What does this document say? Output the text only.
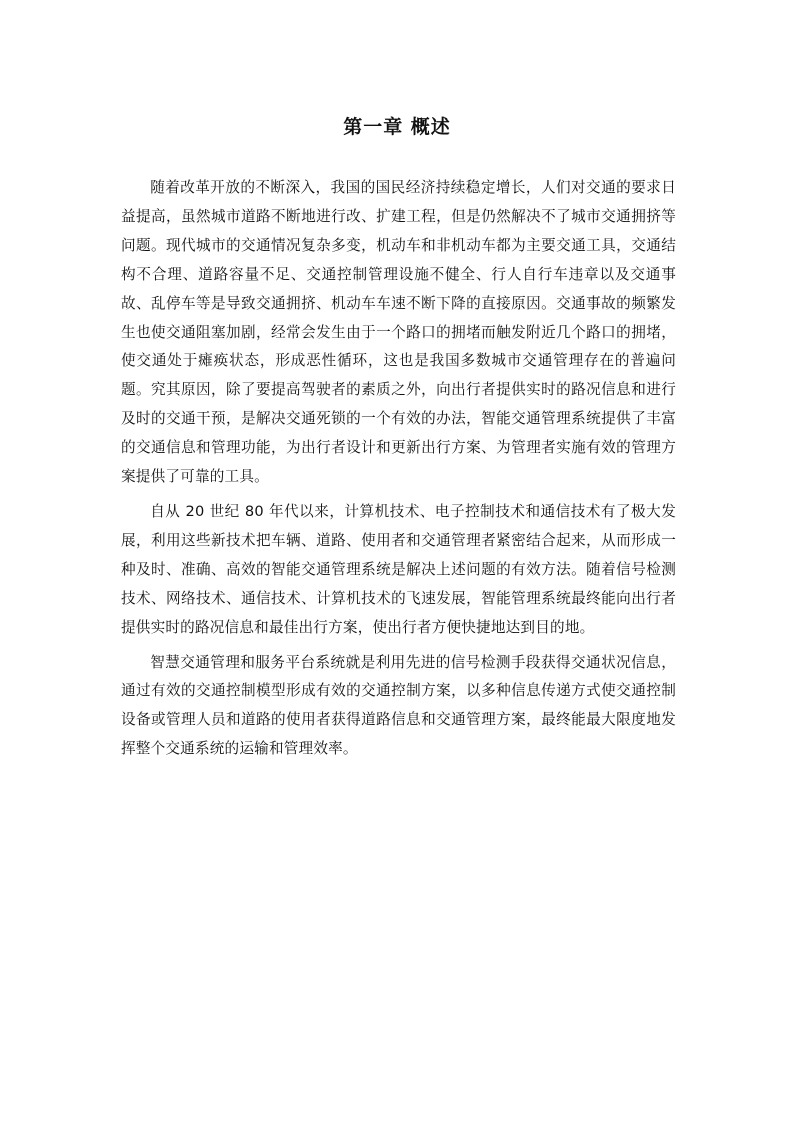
第一章 概述

随着改革开放的不断深入，我国的国民经济持续稳定增长，人们对交通的要求日益提高，虽然城市道路不断地进行改、扩建工程，但是仍然解决不了城市交通拥挤等问题。现代城市的交通情况复杂多变，机动车和非机动车都为主要交通工具，交通结构不合理、道路容量不足、交通控制管理设施不健全、行人自行车违章以及交通事故、乱停车等是导致交通拥挤、机动车车速不断下降的直接原因。交通事故的频繁发生也使交通阻塞加剧，经常会发生由于一个路口的拥堵而触发附近几个路口的拥堵，使交通处于瘫痪状态，形成恶性循环，这也是我国多数城市交通管理存在的普遍问题。究其原因，除了要提高驾驶者的素质之外，向出行者提供实时的路况信息和进行及时的交通干预，是解决交通死锁的一个有效的办法，智能交通管理系统提供了丰富的交通信息和管理功能，为出行者设计和更新出行方案、为管理者实施有效的管理方案提供了可靠的工具。

自从 20 世纪 80 年代以来，计算机技术、电子控制技术和通信技术有了极大发展，利用这些新技术把车辆、道路、使用者和交通管理者紧密结合起来，从而形成一种及时、准确、高效的智能交通管理系统是解决上述问题的有效方法。随着信号检测技术、网络技术、通信技术、计算机技术的飞速发展，智能管理系统最终能向出行者提供实时的路况信息和最佳出行方案，使出行者方便快捷地达到目的地。

智慧交通管理和服务平台系统就是利用先进的信号检测手段获得交通状况信息，通过有效的交通控制模型形成有效的交通控制方案，以多种信息传递方式使交通控制设备或管理人员和道路的使用者获得道路信息和交通管理方案，最终能最大限度地发挥整个交通系统的运输和管理效率。
